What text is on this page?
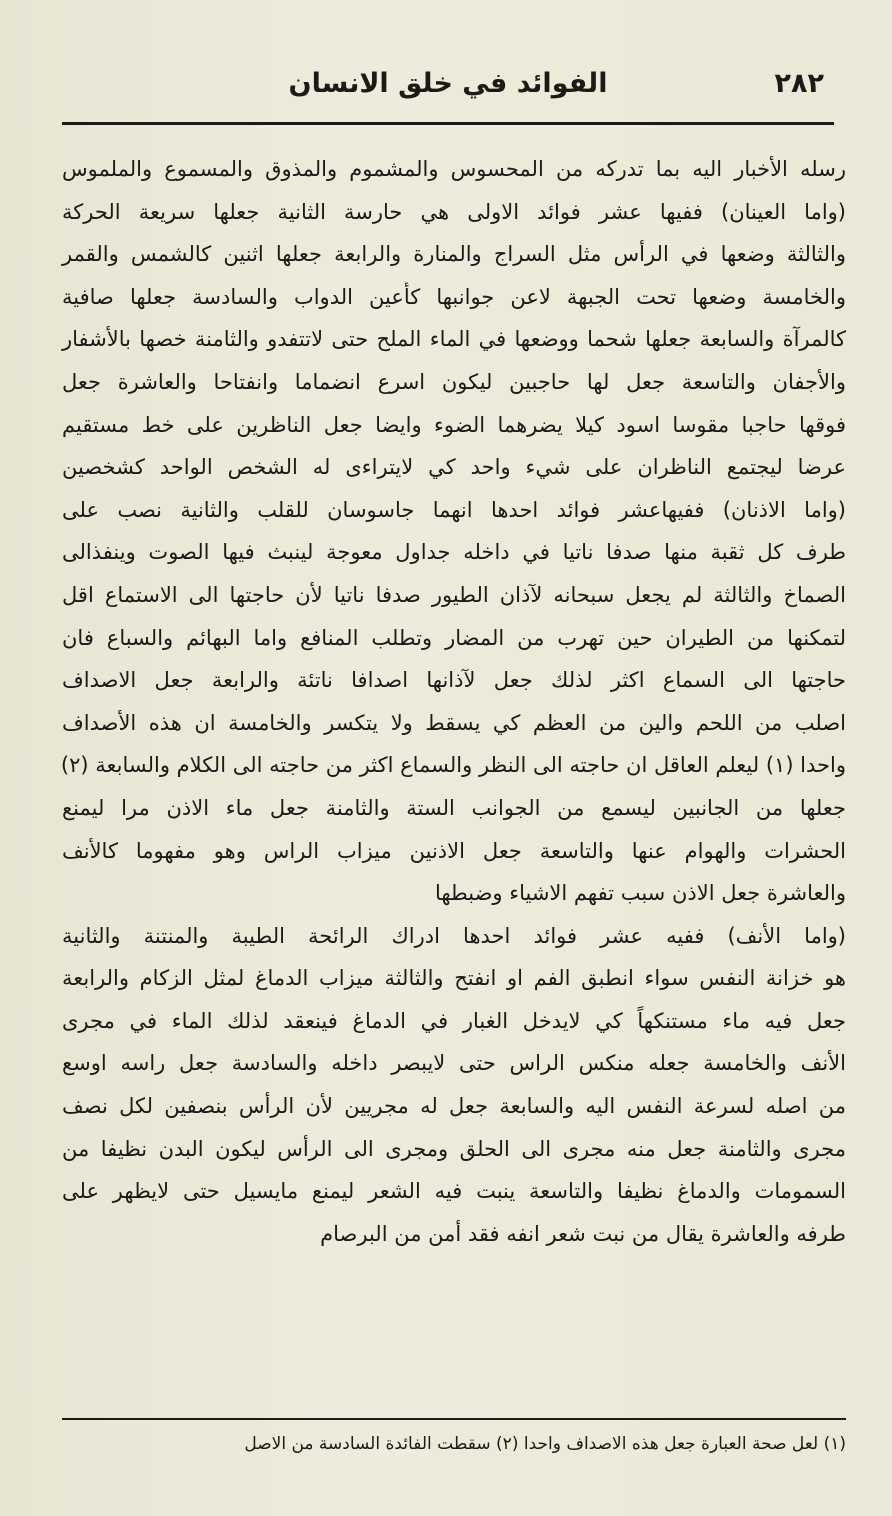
٢٨٢
الفوائد في خلق الانسان
رسله الأخبار اليه بما تدركه من المحسوس والمشموم والمذوق والمسموع والملموس
(واما العينان) ففيها عشر فوائد الاولى هي حارسة الثانية جعلها سريعة الحركة
والثالثة وضعها في الرأس مثل السراج والمنارة والرابعة جعلها اثنين كالشمس والقمر
والخامسة وضعها تحت الجبهة لاعن جوانبها كأعين الدواب والسادسة جعلها صافية
كالمرآة والسابعة جعلها شحما ووضعها في الماء الملح حتى لاتتفدو والثامنة خصها بالأشفار
والأجفان والتاسعة جعل لها حاجبين ليكون اسرع انضماما وانفتاحا والعاشرة جعل
فوقها حاجبا مقوسا اسود كيلا يضرهما الضوء وايضا جعل الناظرين على خط مستقيم
عرضا ليجتمع الناظران على شيء واحد كي لايتراءى له الشخص الواحد كشخصين
(واما الاذنان) ففيهاعشر فوائد احدها انهما جاسوسان للقلب والثانية نصب على
طرف كل ثقبة منها صدفا ناتيا في داخله جداول معوجة لينبث فيها الصوت وينفذالى
الصماخ والثالثة لم يجعل سبحانه لآذان الطيور صدفا ناتيا لأن حاجتها الى الاستماع اقل
لتمكنها من الطيران حين تهرب من المضار وتطلب المنافع واما البهائم والسباع فان
حاجتها الى السماع اكثر لذلك جعل لآذانها اصدافا ناتئة والرابعة جعل الاصداف
اصلب من اللحم والين من العظم كي يسقط ولا يتكسر والخامسة ان هذه الأصداف
واحدا (١) ليعلم العاقل ان حاجته الى النظر والسماع اكثر من حاجته الى الكلام والسابعة (٢)
جعلها من الجانبين ليسمع من الجوانب الستة والثامنة جعل ماء الاذن مرا ليمنع
الحشرات والهوام عنها والتاسعة جعل الاذنين ميزاب الراس وهو مفهوما كالأنف
والعاشرة جعل الاذن سبب تفهم الاشياء وضبطها
(واما الأنف) ففيه عشر فوائد احدها ادراك الرائحة الطيبة والمنتنة والثانية
هو خزانة النفس سواء انطبق الفم او انفتح والثالثة ميزاب الدماغ لمثل الزكام والرابعة
جعل فيه ماء مستنكهاً كي لايدخل الغبار في الدماغ فينعقد لذلك الماء في مجرى
الأنف والخامسة جعله منكس الراس حتى لايبصر داخله والسادسة جعل راسه اوسع
من اصله لسرعة النفس اليه والسابعة جعل له مجريين لأن الرأس بنصفين لكل نصف
مجرى والثامنة جعل منه مجرى الى الحلق ومجرى الى الرأس ليكون البدن نظيفا من
السمومات والدماغ نظيفا والتاسعة ينبت فيه الشعر ليمنع مايسيل حتى لايظهر على
طرفه والعاشرة يقال من نبت شعر انفه فقد أمن من البرصام
(١) لعل صحة العبارة جعل هذه الاصداف واحدا (٢) سقطت الفائدة السادسة من الاصل
